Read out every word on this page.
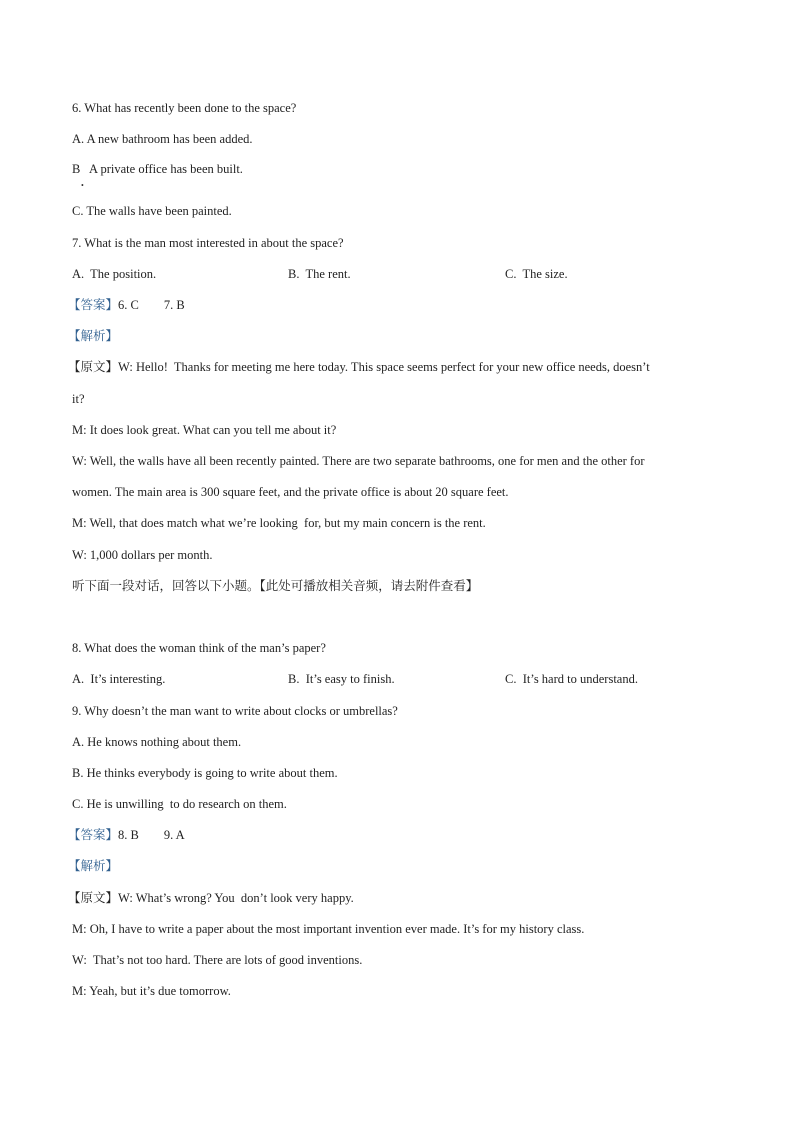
6. What has recently been done to the space?
A. A new bathroom has been added.
B   A private office has been built.
•
C. The walls have been painted.
7. What is the man most interested in about the space?
A.  The position.	B.  The rent.	C.  The size.
【答案】6. C        7. B
【解析】
【原文】W: Hello!  Thanks for meeting me here today. This space seems perfect for your new office needs, doesn’t
it?
M: It does look great. What can you tell me about it?
W: Well, the walls have all been recently painted. There are two separate bathrooms, one for men and the other for
women. The main area is 300 square feet, and the private office is about 20 square feet.
M: Well, that does match what we’re looking  for, but my main concern is the rent.
W: 1,000 dollars per month.
听下面一段对话，回答以下小题。【此处可播放相关音频，请去附件查看】
8. What does the woman think of the man’s paper?
A.  It’s interesting.	B.  It’s easy to finish.	C.  It’s hard to understand.
9. Why doesn’t the man want to write about clocks or umbrellas?
A. He knows nothing about them.
B. He thinks everybody is going to write about them.
C. He is unwilling  to do research on them.
【答案】8. B        9. A
【解析】
【原文】W: What’s wrong? You  don’t look very happy.
M: Oh, I have to write a paper about the most important invention ever made. It’s for my history class.
W:  That’s not too hard. There are lots of good inventions.
M: Yeah, but it’s due tomorrow.
